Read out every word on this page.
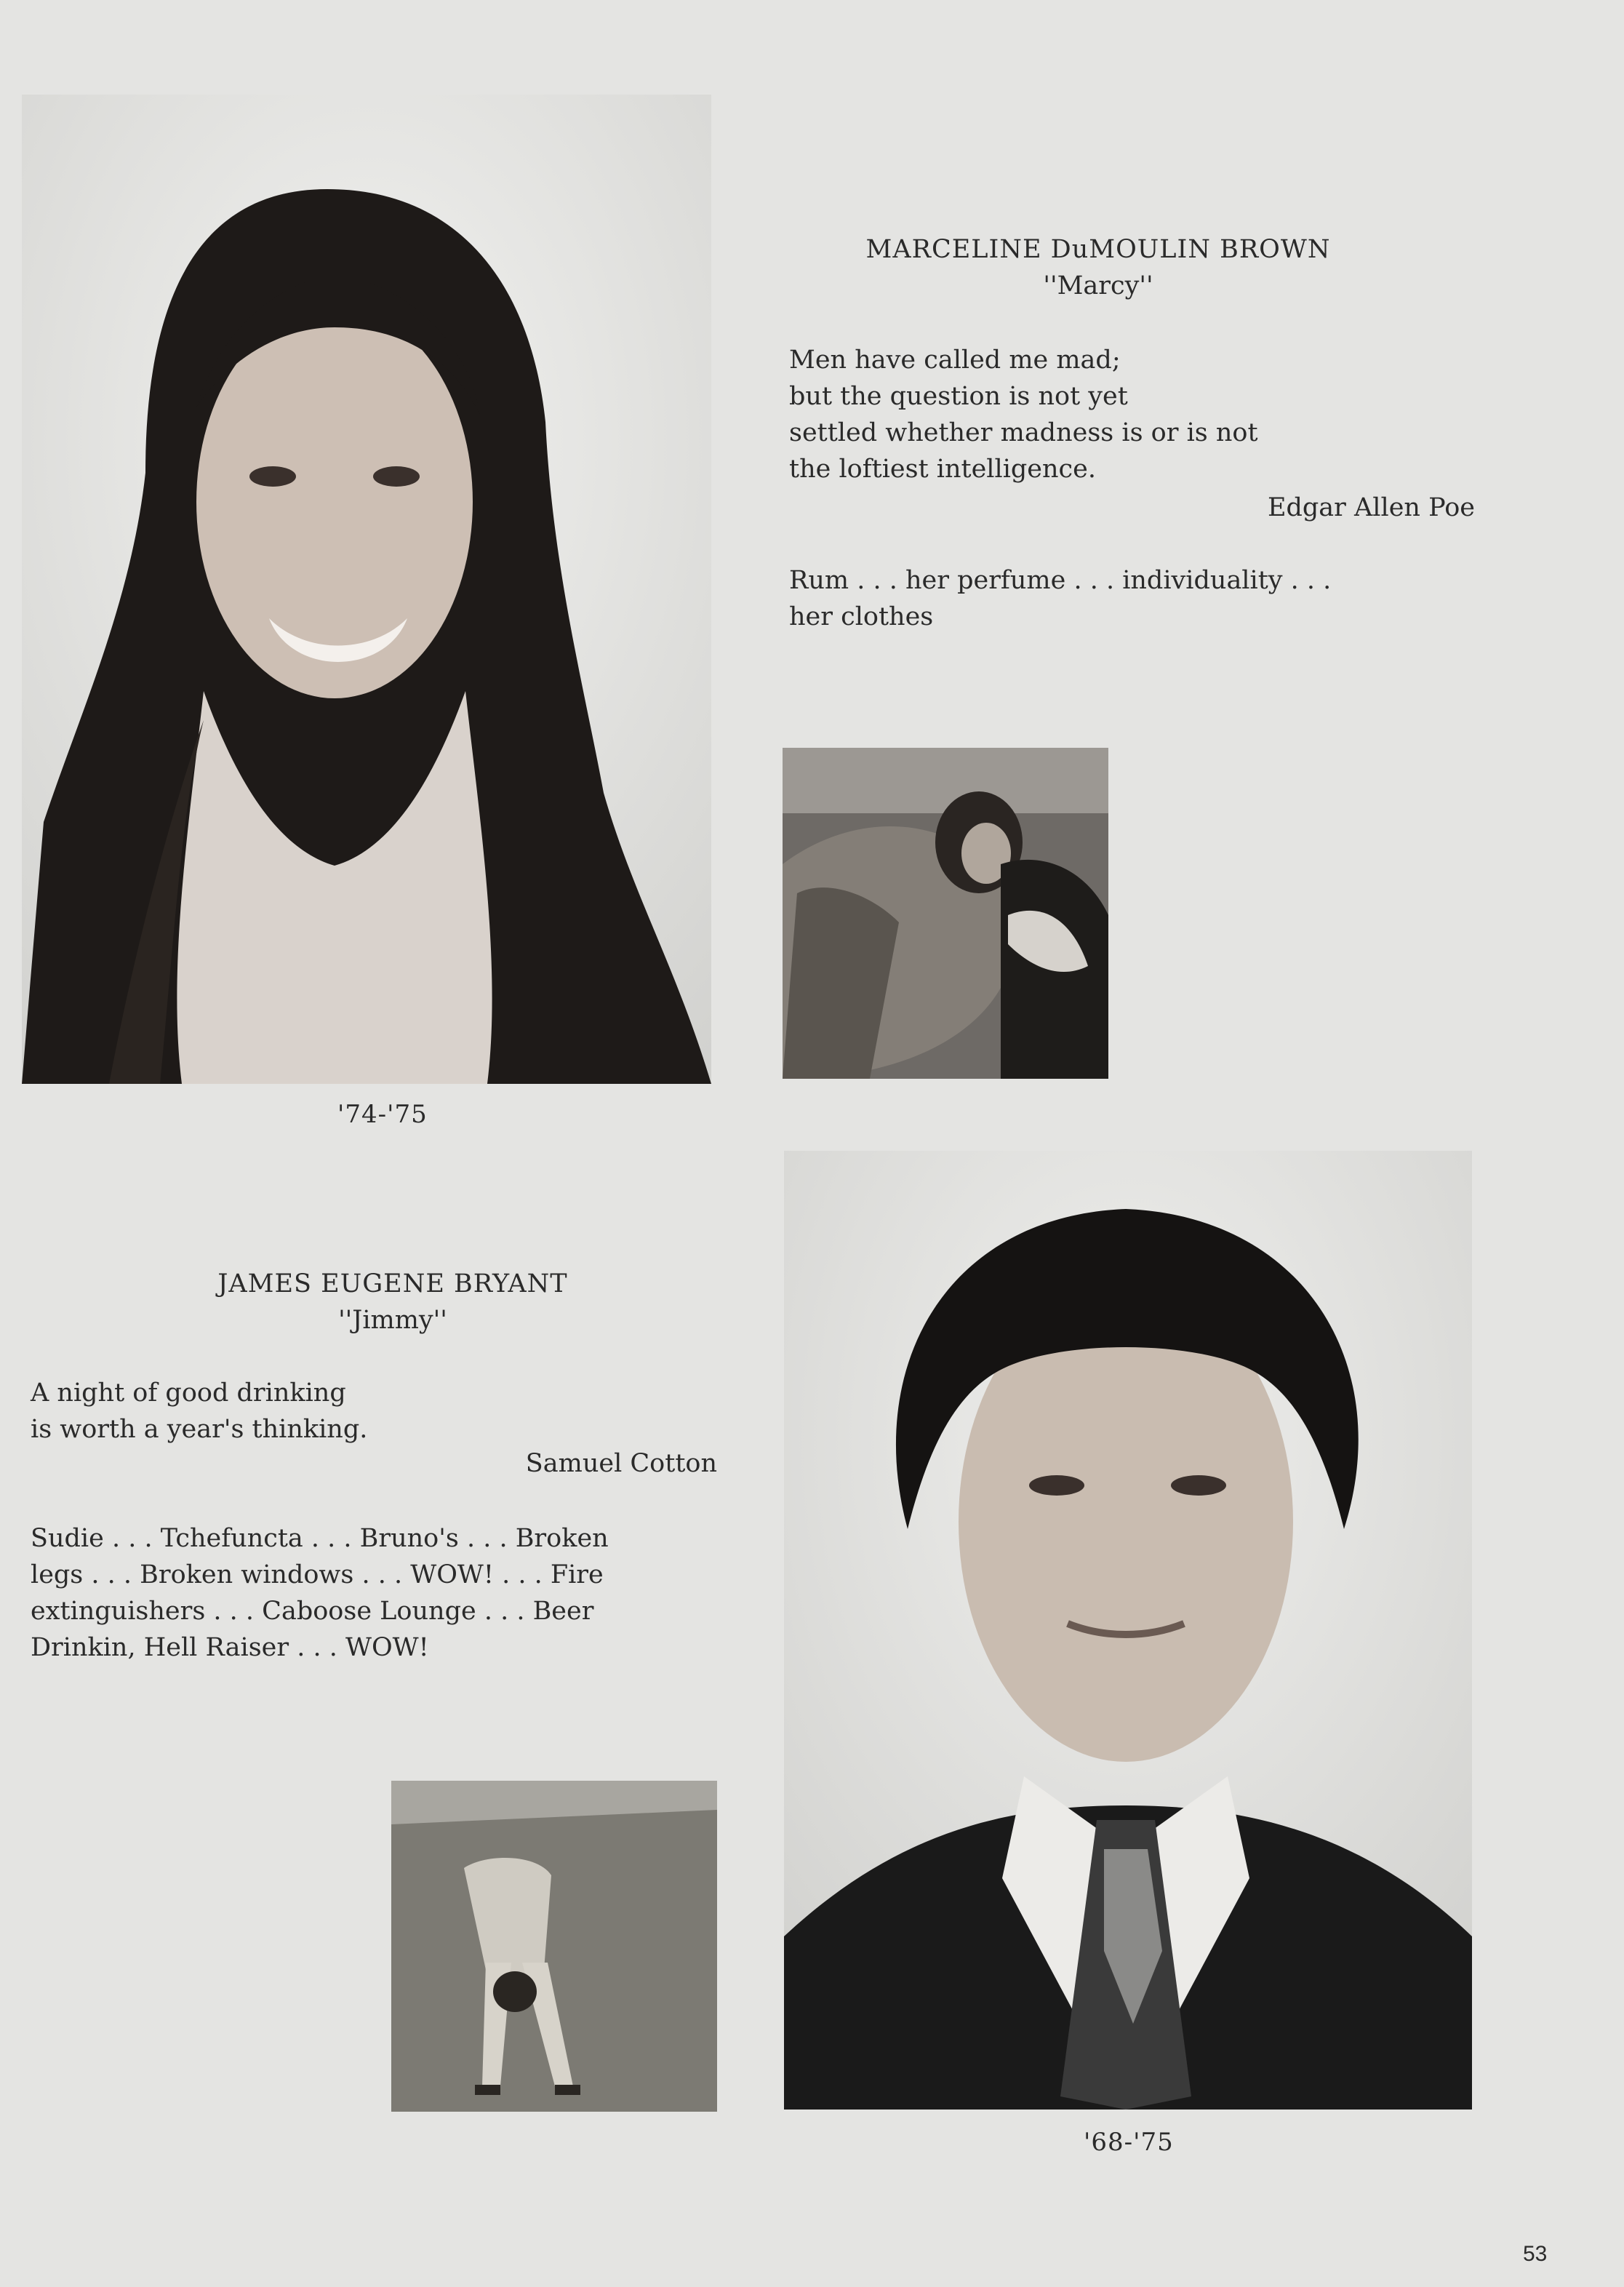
MARCELINE DuMOULIN BROWN
''Marcy''
Men have called me mad;
but the question is not yet
settled whether madness is or is not
the loftiest intelligence.
Edgar Allen Poe
Rum . . . her perfume . . . individuality . . .
her clothes
'74-'75
JAMES EUGENE BRYANT
''Jimmy''
A night of good drinking
is worth a year's thinking.
Samuel Cotton
Sudie . . . Tchefuncta . . . Bruno's . . . Broken
legs . . . Broken windows . . . WOW! . . . Fire
extinguishers . . . Caboose Lounge . . . Beer
Drinkin, Hell Raiser . . . WOW!
'68-'75
53
